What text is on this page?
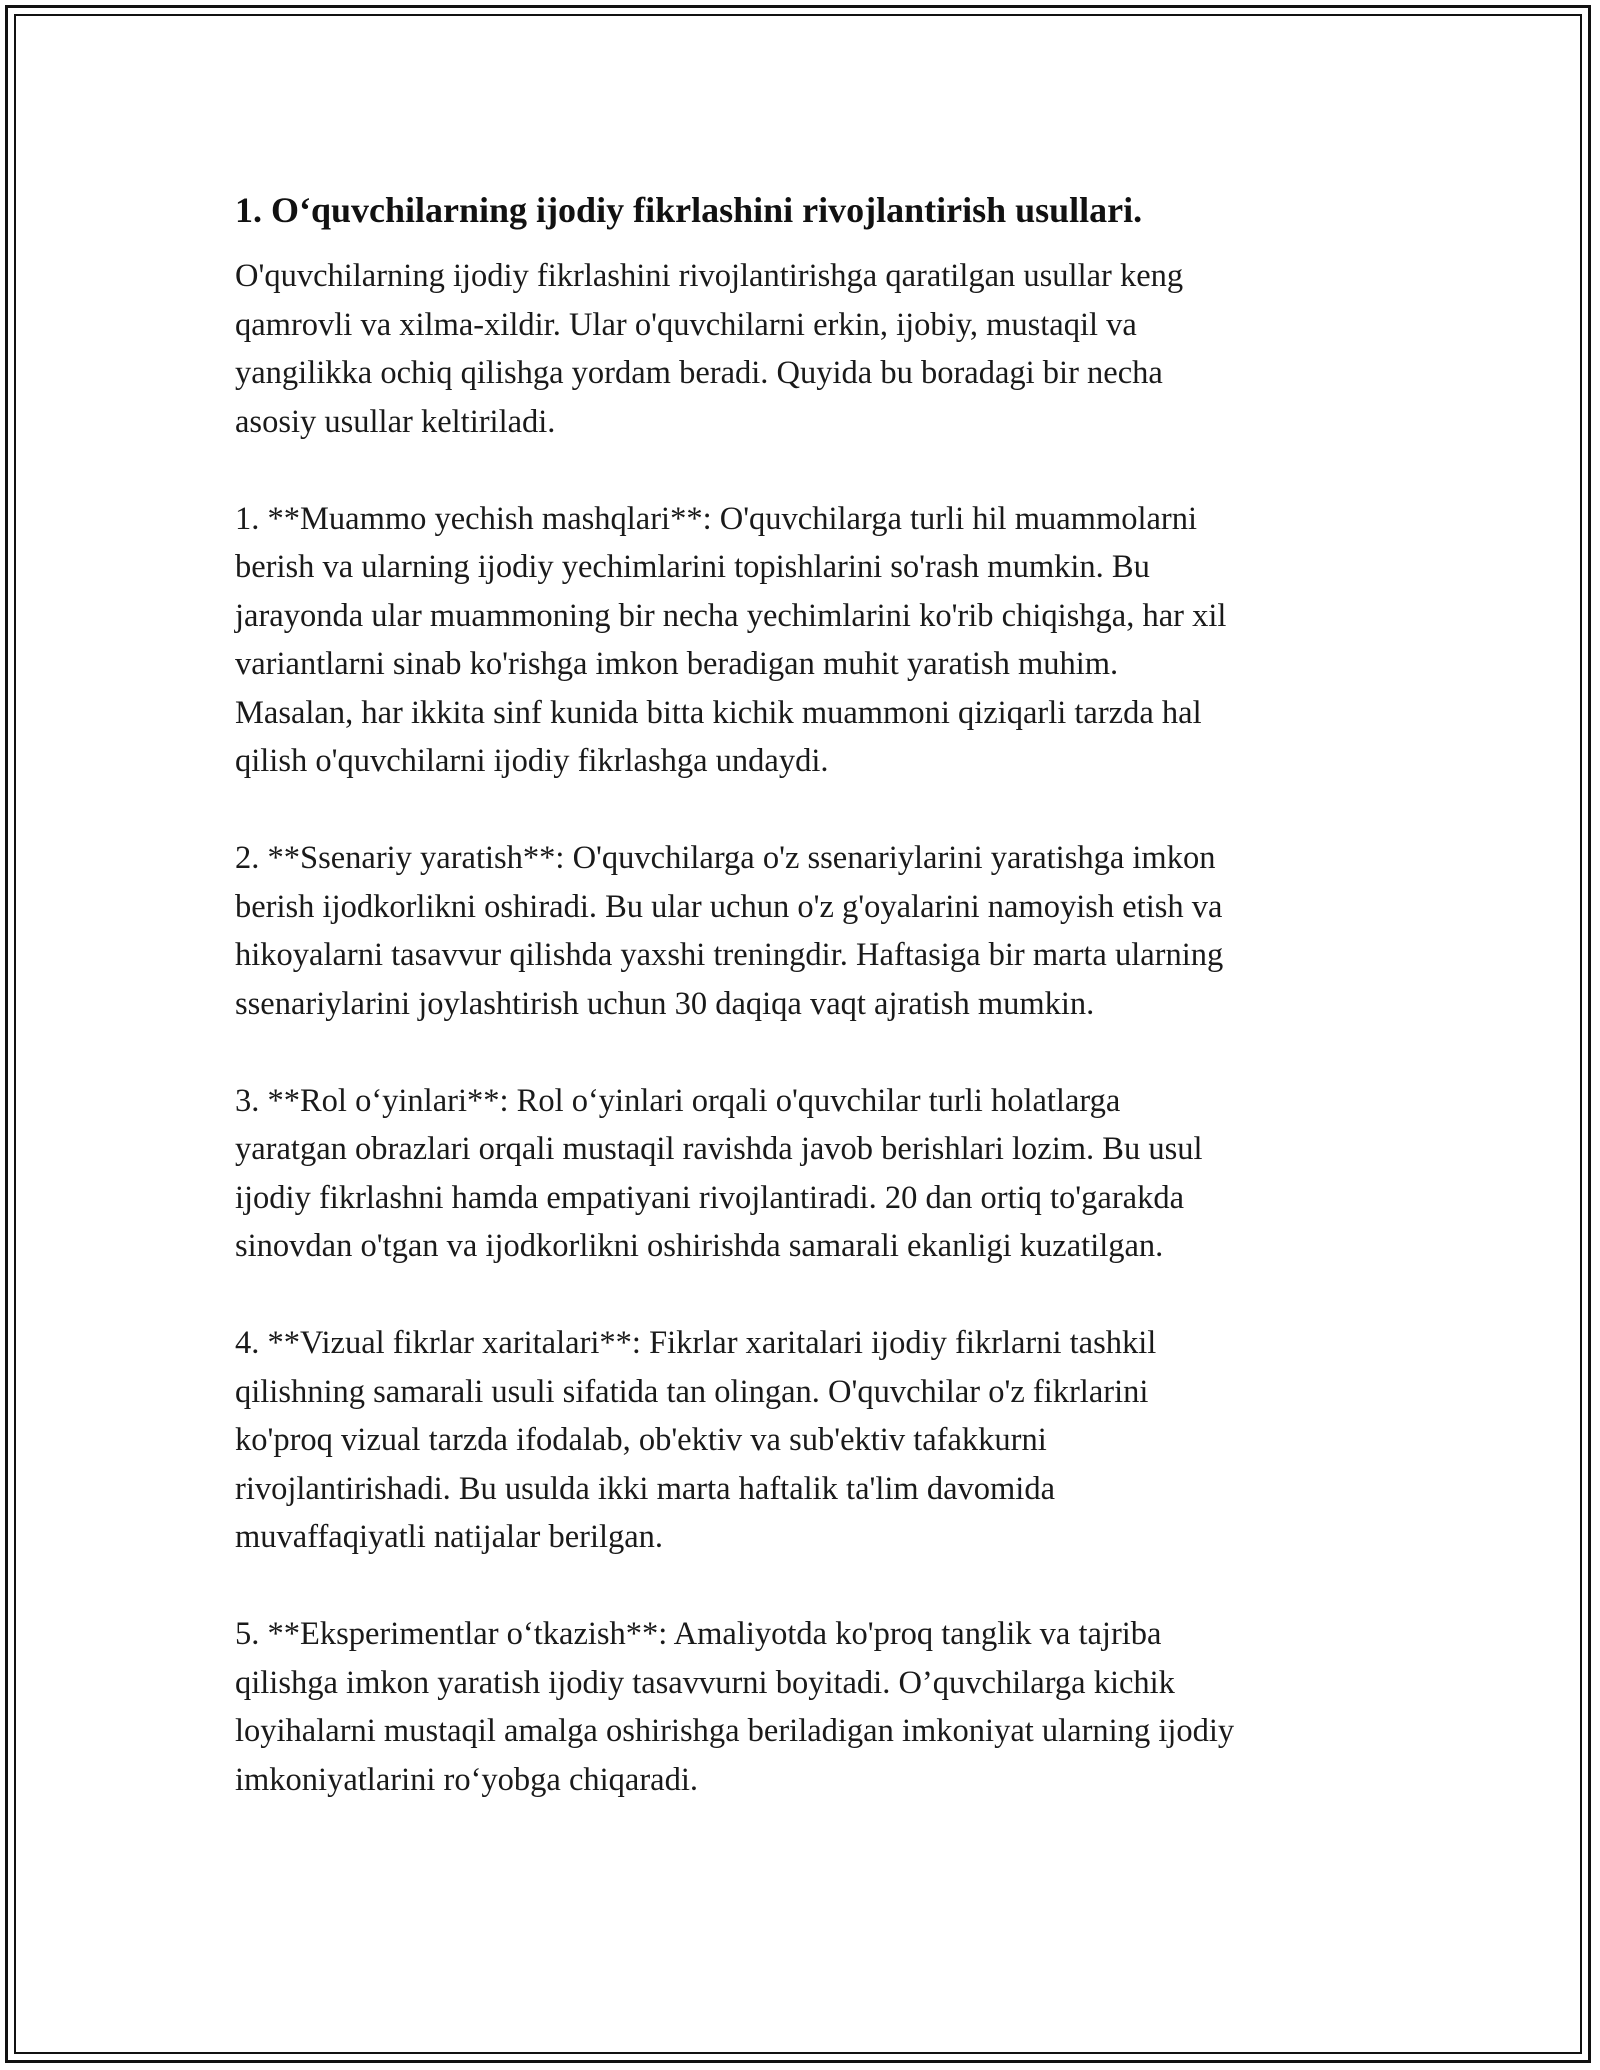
1. O‘quvchilarning ijodiy fikrlashini rivojlantirish usullari.

O'quvchilarning ijodiy fikrlashini rivojlantirishga qaratilgan usullar keng
qamrovli va xilma-xildir. Ular o'quvchilarni erkin, ijobiy, mustaqil va
yangilikka ochiq qilishga yordam beradi. Quyida bu boradagi bir necha
asosiy usullar keltiriladi.

1. **Muammo yechish mashqlari**: O'quvchilarga turli hil muammolarni
berish va ularning ijodiy yechimlarini topishlarini so'rash mumkin. Bu
jarayonda ular muammoning bir necha yechimlarini ko'rib chiqishga, har xil
variantlarni sinab ko'rishga imkon beradigan muhit yaratish muhim.
Masalan, har ikkita sinf kunida bitta kichik muammoni qiziqarli tarzda hal
qilish o'quvchilarni ijodiy fikrlashga undaydi.

2. **Ssenariy yaratish**: O'quvchilarga o'z ssenariylarini yaratishga imkon
berish ijodkorlikni oshiradi. Bu ular uchun o'z g'oyalarini namoyish etish va
hikoyalarni tasavvur qilishda yaxshi treningdir. Haftasiga bir marta ularning
ssenariylarini joylashtirish uchun 30 daqiqa vaqt ajratish mumkin.

3. **Rol o‘yinlari**: Rol o‘yinlari orqali o'quvchilar turli holatlarga
yaratgan obrazlari orqali mustaqil ravishda javob berishlari lozim. Bu usul
ijodiy fikrlashni hamda empatiyani rivojlantiradi. 20 dan ortiq to'garakda
sinovdan o'tgan va ijodkorlikni oshirishda samarali ekanligi kuzatilgan.

4. **Vizual fikrlar xaritalari**: Fikrlar xaritalari ijodiy fikrlarni tashkil
qilishning samarali usuli sifatida tan olingan. O'quvchilar o'z fikrlarini
ko'proq vizual tarzda ifodalab, ob'ektiv va sub'ektiv tafakkurni
rivojlantirishadi. Bu usulda ikki marta haftalik ta'lim davomida
muvaffaqiyatli natijalar berilgan.

5. **Eksperimentlar o‘tkazish**: Amaliyotda ko'proq tanglik va tajriba
qilishga imkon yaratish ijodiy tasavvurni boyitadi. O’quvchilarga kichik
loyihalarni mustaqil amalga oshirishga beriladigan imkoniyat ularning ijodiy
imkoniyatlarini ro‘yobga chiqaradi.
